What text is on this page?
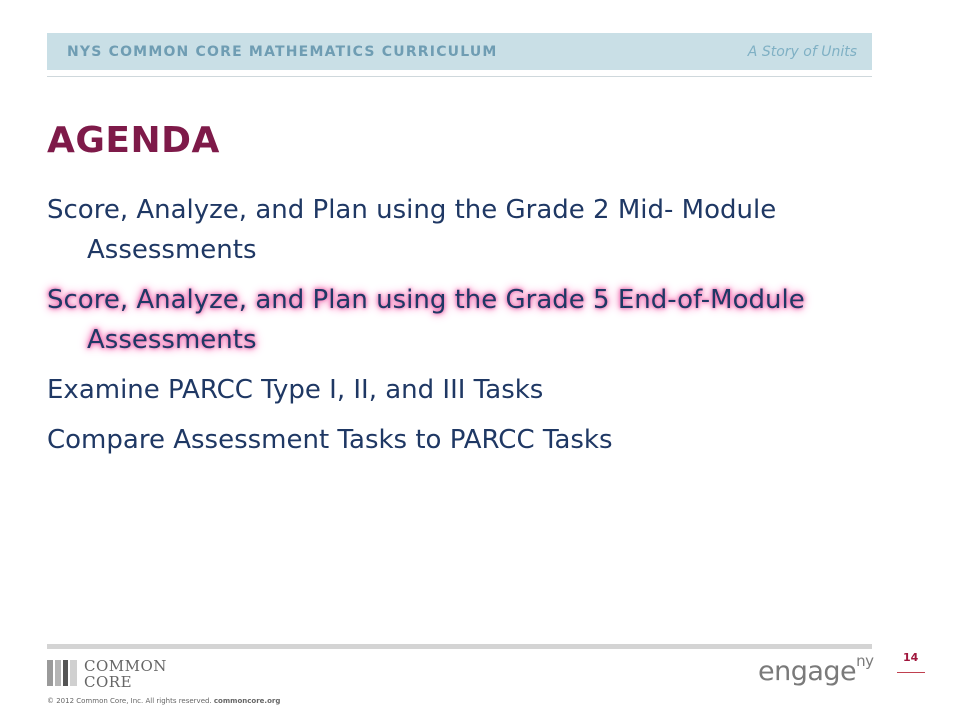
NYS COMMON CORE MATHEMATICS CURRICULUM	A Story of Units
AGENDA
Score, Analyze, and Plan using the Grade 2 Mid- Module Assessments
Score, Analyze, and Plan using the Grade 5 End-of-Module Assessments
Examine PARCC Type I, II, and III Tasks
Compare Assessment Tasks to PARCC Tasks
COMMON
CORE
© 2012 Common Core, Inc. All rights reserved. commoncore.org
engage$^{ny}$	14
